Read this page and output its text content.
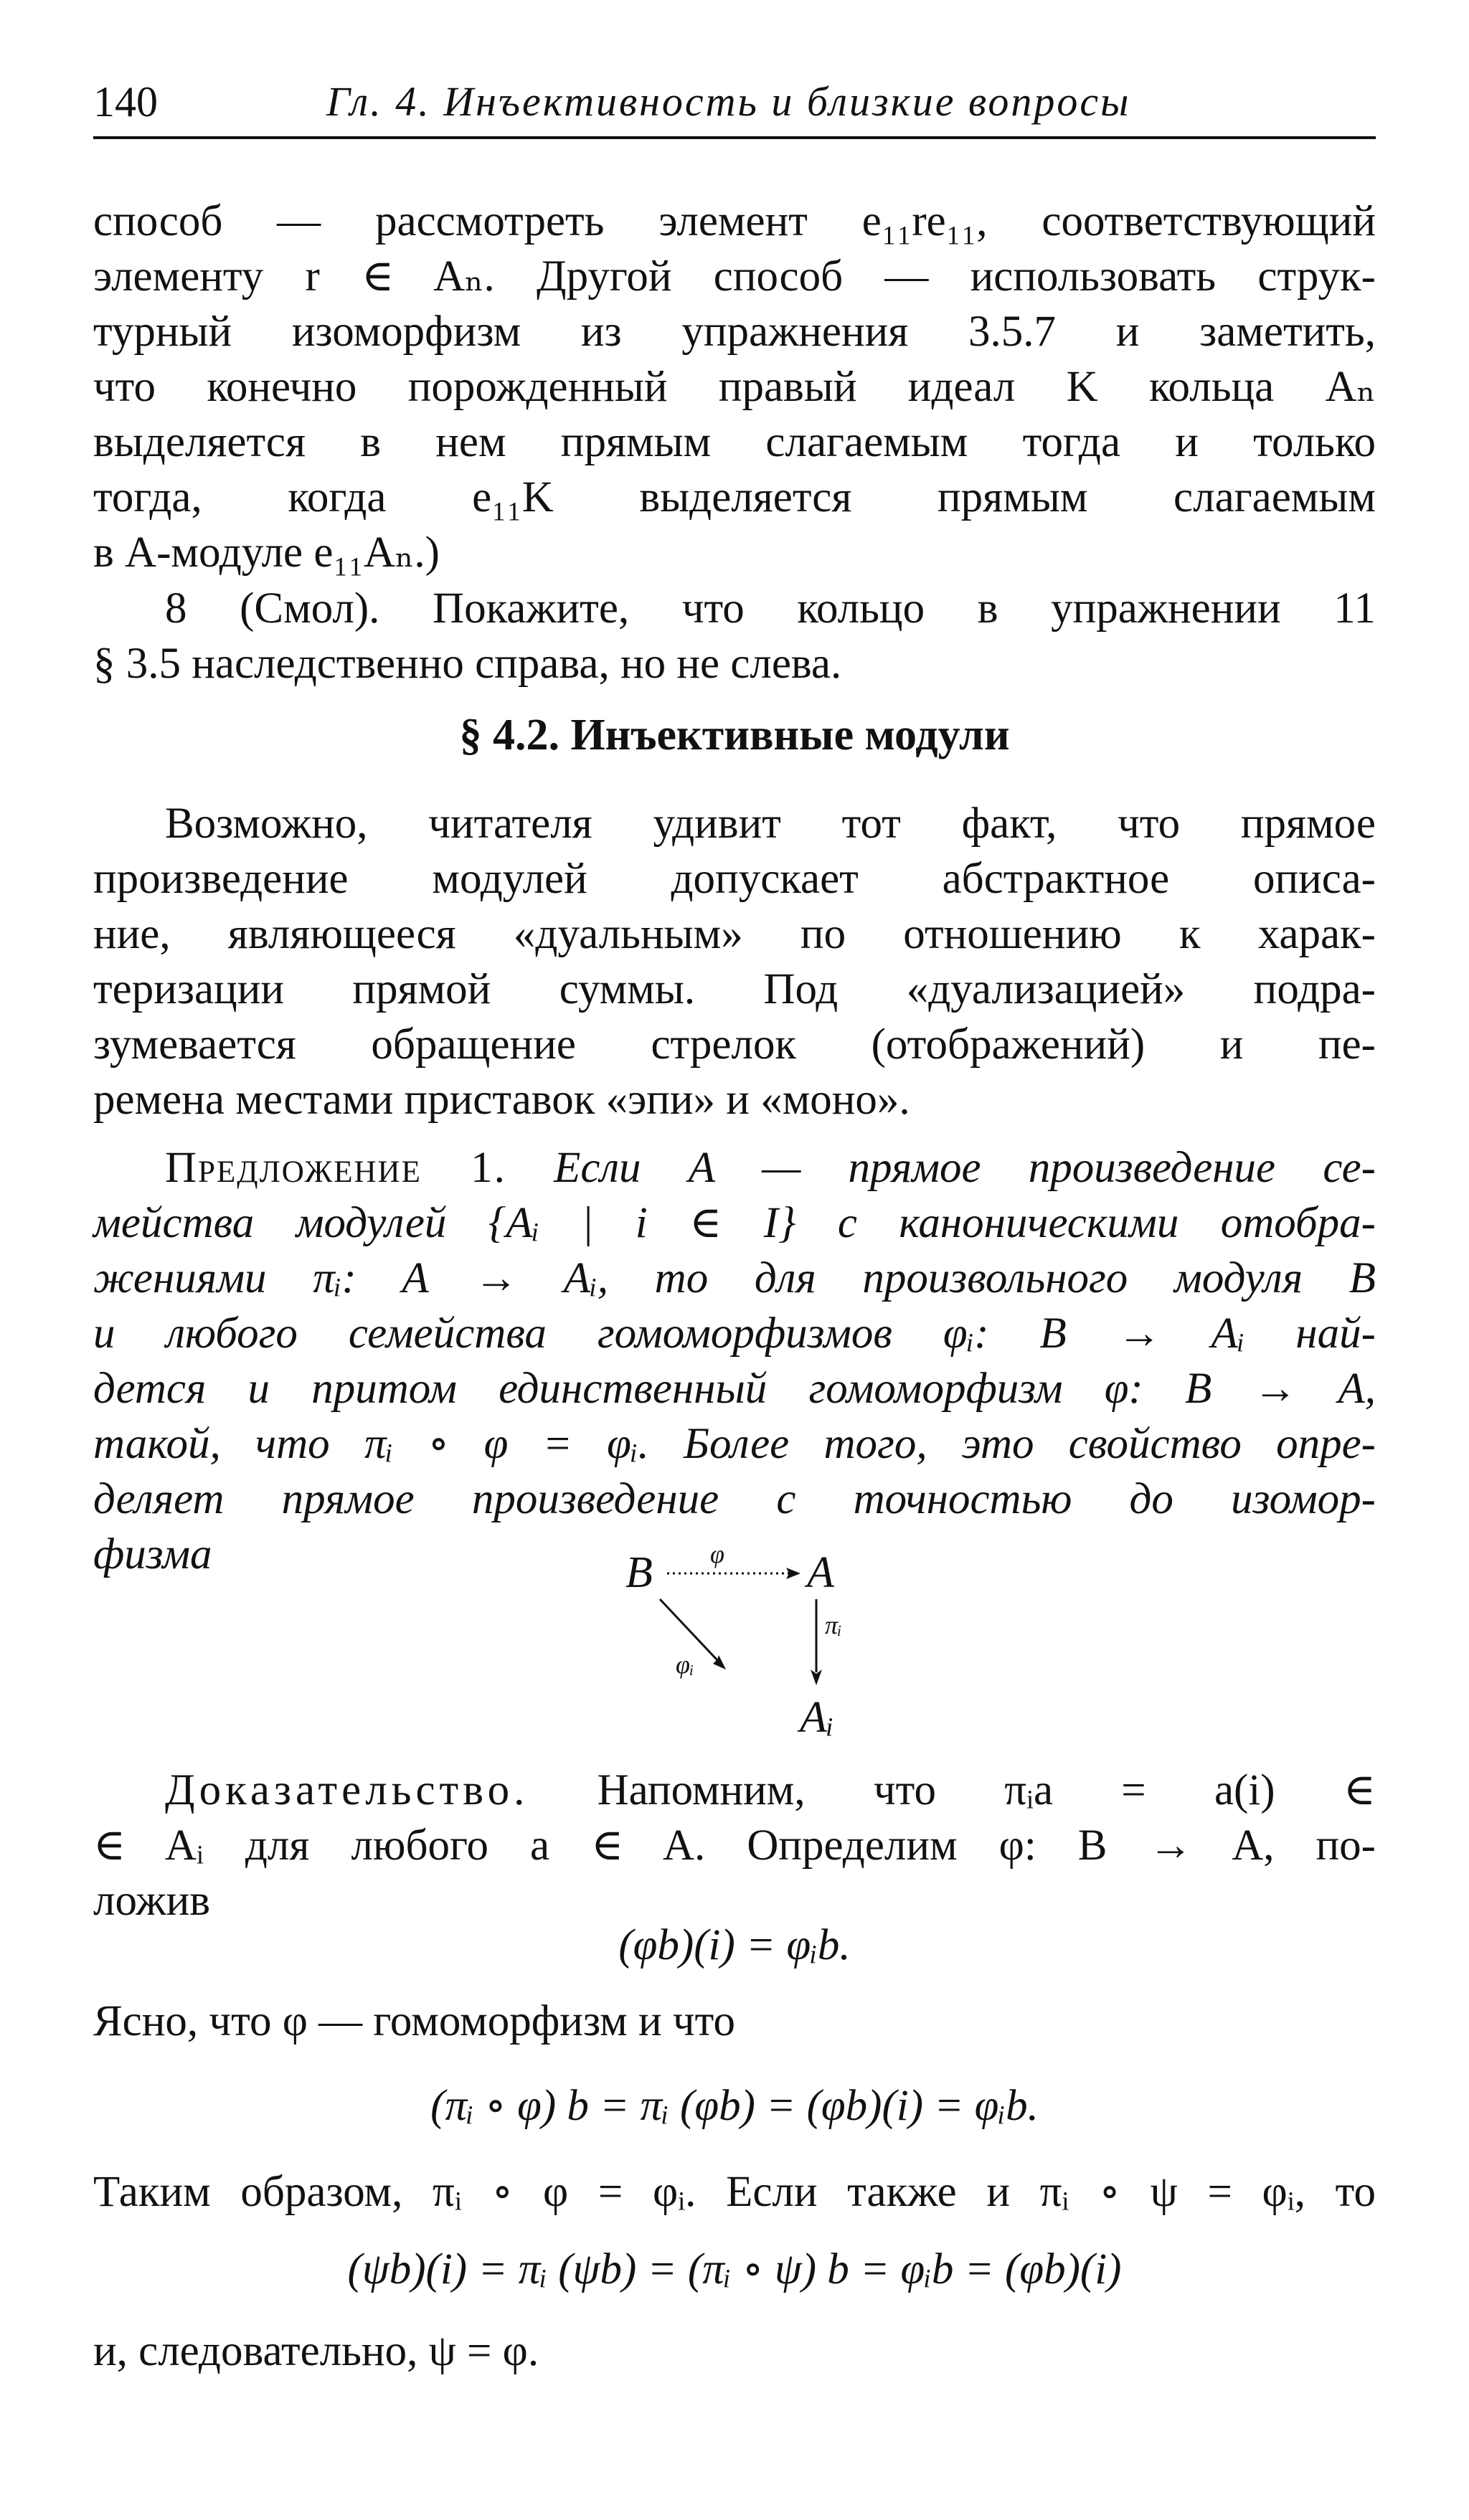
140	Гл. 4. Инъективность и близкие вопросы
способ — рассмотреть элемент e₁₁re₁₁, соответствующий
элементу r ∈ Aₙ. Другой способ — использовать струк-
турный изоморфизм из упражнения 3.5.7 и заметить,
что конечно порожденный правый идеал K кольца Aₙ
выделяется в нем прямым слагаемым тогда и только
тогда, когда e₁₁K выделяется прямым слагаемым
в A-модуле e₁₁Aₙ.)
8 (Смол). Покажите, что кольцо в упражнении 11
§ 3.5 наследственно справа, но не слева.
§ 4.2. Инъективные модули
Возможно, читателя удивит тот факт, что прямое
произведение модулей допускает абстрактное описа-
ние, являющееся «дуальным» по отношению к харак-
теризации прямой суммы. Под «дуализацией» подра-
зумевается обращение стрелок (отображений) и пе-
ремена местами приставок «эпи» и «моно».
Предложение 1. Если A — прямое произведение се-
мейства модулей {Aᵢ | i ∈ I} с каноническими отобра-
жениями πᵢ: A → Aᵢ, то для произвольного модуля B
и любого семейства гомоморфизмов φᵢ: B → Aᵢ най-
дется и притом единственный гомоморфизм φ: B → A,
такой, что πᵢ ∘ φ = φᵢ. Более того, это свойство опре-
деляет прямое произведение с точностью до изомор-
физма	B	A
Aᵢ
φ
πᵢ
φᵢ
Доказательство. Напомним, что πᵢa = a(i) ∈
∈ Aᵢ для любого a ∈ A. Определим φ: B → A, по-
ложив
(φb)(i) = φᵢb.
Ясно, что φ — гомоморфизм и что
(πᵢ ∘ φ) b = πᵢ (φb) = (φb)(i) = φᵢb.
Таким образом, πᵢ ∘ φ = φᵢ. Если также и πᵢ ∘ ψ = φᵢ, то
(ψb)(i) = πᵢ (ψb) = (πᵢ ∘ ψ) b = φᵢb = (φb)(i)
и, следовательно, ψ = φ.
